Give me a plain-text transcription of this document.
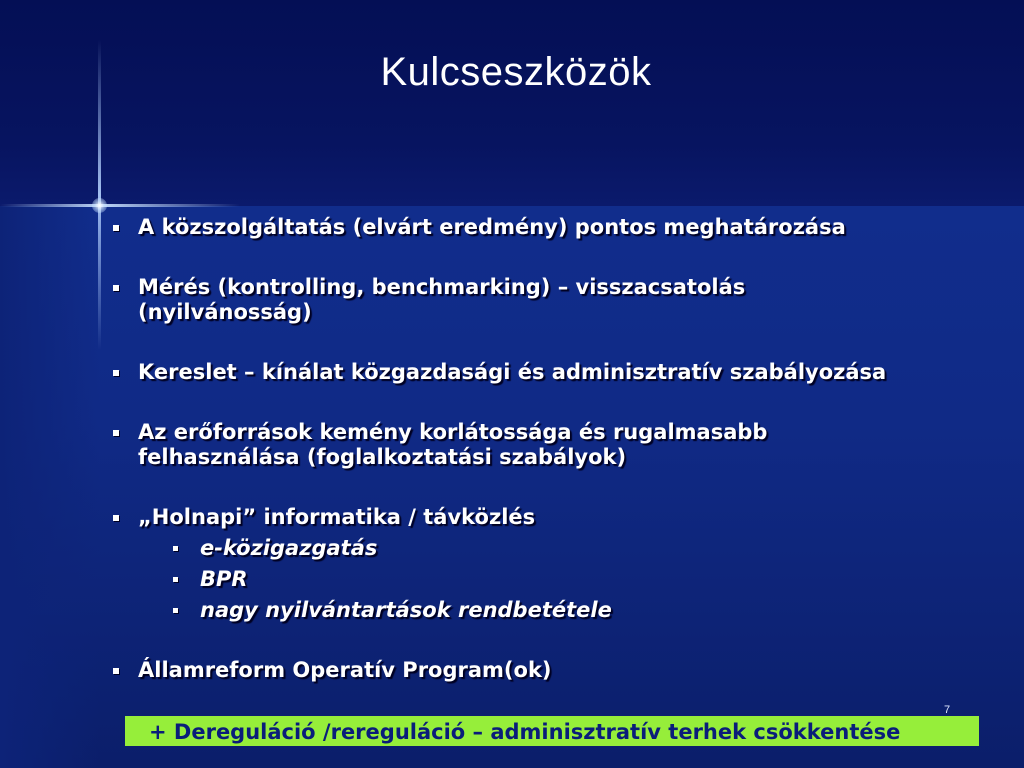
Kulcseszközök
A közszolgáltatás (elvárt eredmény) pontos meghatározása
Mérés (kontrolling, benchmarking) – visszacsatolás
(nyilvánosság)
Kereslet – kínálat közgazdasági és adminisztratív szabályozása
Az erőforrások kemény korlátossága és rugalmasabb
felhasználása (foglalkoztatási szabályok)
„Holnapi” informatika / távközlés
e-közigazgatás
BPR
nagy nyilvántartások rendbetétele
Államreform Operatív Program(ok)
7
+ Dereguláció /rereguláció – adminisztratív terhek csökkentése
